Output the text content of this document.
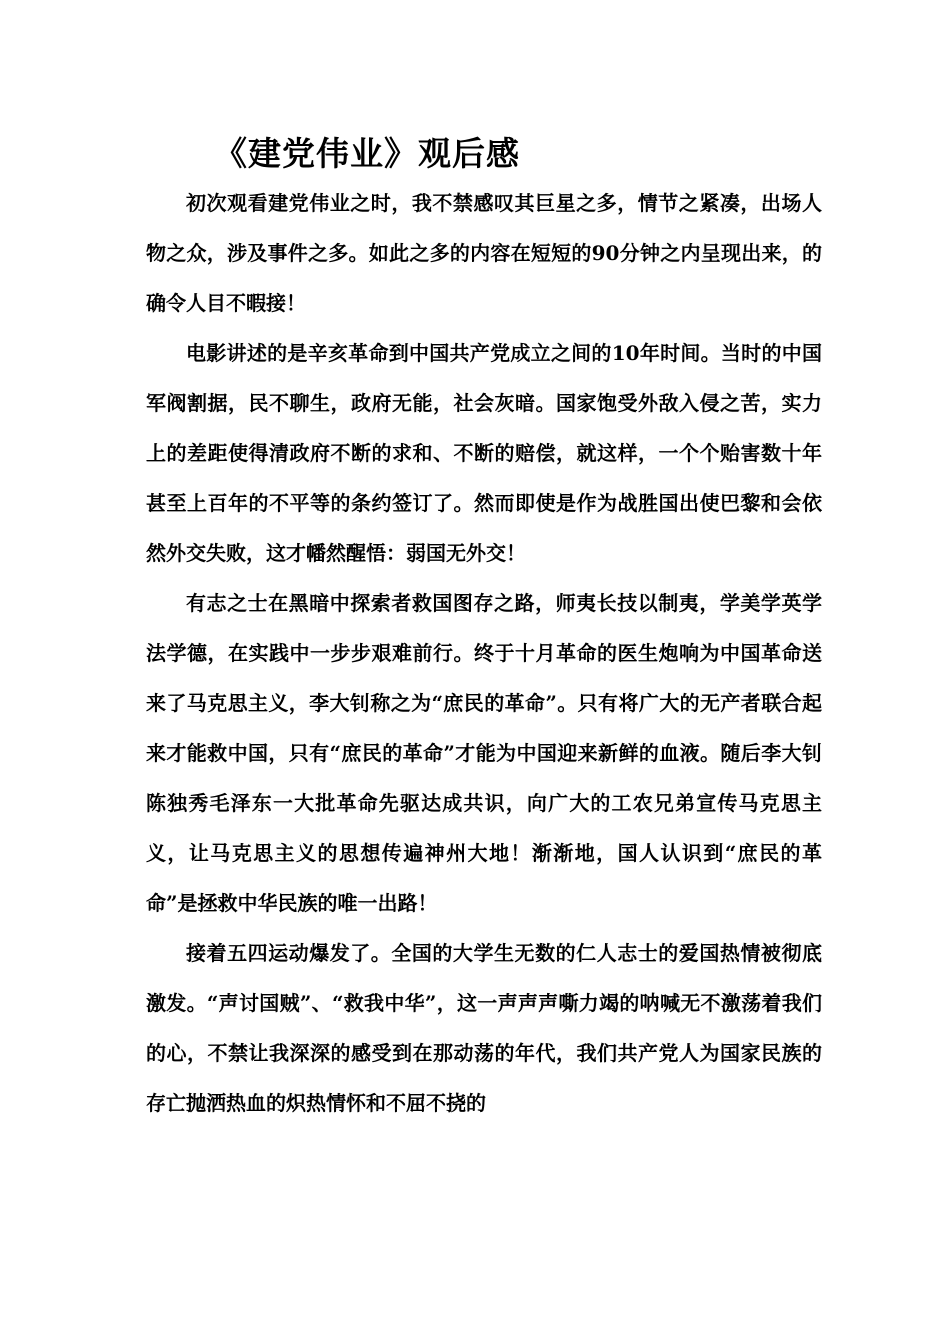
《建党伟业》观后感

初次观看建党伟业之时，我不禁感叹其巨星之多，情节之紧凑，出场人物之众，涉及事件之多。如此之多的内容在短短的90分钟之内呈现出来，的确令人目不暇接！

电影讲述的是辛亥革命到中国共产党成立之间的10年时间。当时的中国军阀割据，民不聊生，政府无能，社会灰暗。国家饱受外敌入侵之苦，实力上的差距使得清政府不断的求和、不断的赔偿，就这样，一个个贻害数十年甚至上百年的不平等的条约签订了。然而即使是作为战胜国出使巴黎和会依然外交失败，这才幡然醒悟：弱国无外交！

有志之士在黑暗中探索者救国图存之路，师夷长技以制夷，学美学英学法学德，在实践中一步步艰难前行。终于十月革命的医生炮响为中国革命送来了马克思主义，李大钊称之为“庶民的革命”。只有将广大的无产者联合起来才能救中国，只有“庶民的革命”才能为中国迎来新鲜的血液。随后李大钊陈独秀毛泽东一大批革命先驱达成共识，向广大的工农兄弟宣传马克思主义，让马克思主义的思想传遍神州大地！渐渐地，国人认识到“庶民的革命”是拯救中华民族的唯一出路！

接着五四运动爆发了。全国的大学生无数的仁人志士的爱国热情被彻底激发。“声讨国贼”、“救我中华”，这一声声声嘶力竭的呐喊无不激荡着我们的心，不禁让我深深的感受到在那动荡的年代，我们共产党人为国家民族的存亡抛洒热血的炽热情怀和不屈不挠的
